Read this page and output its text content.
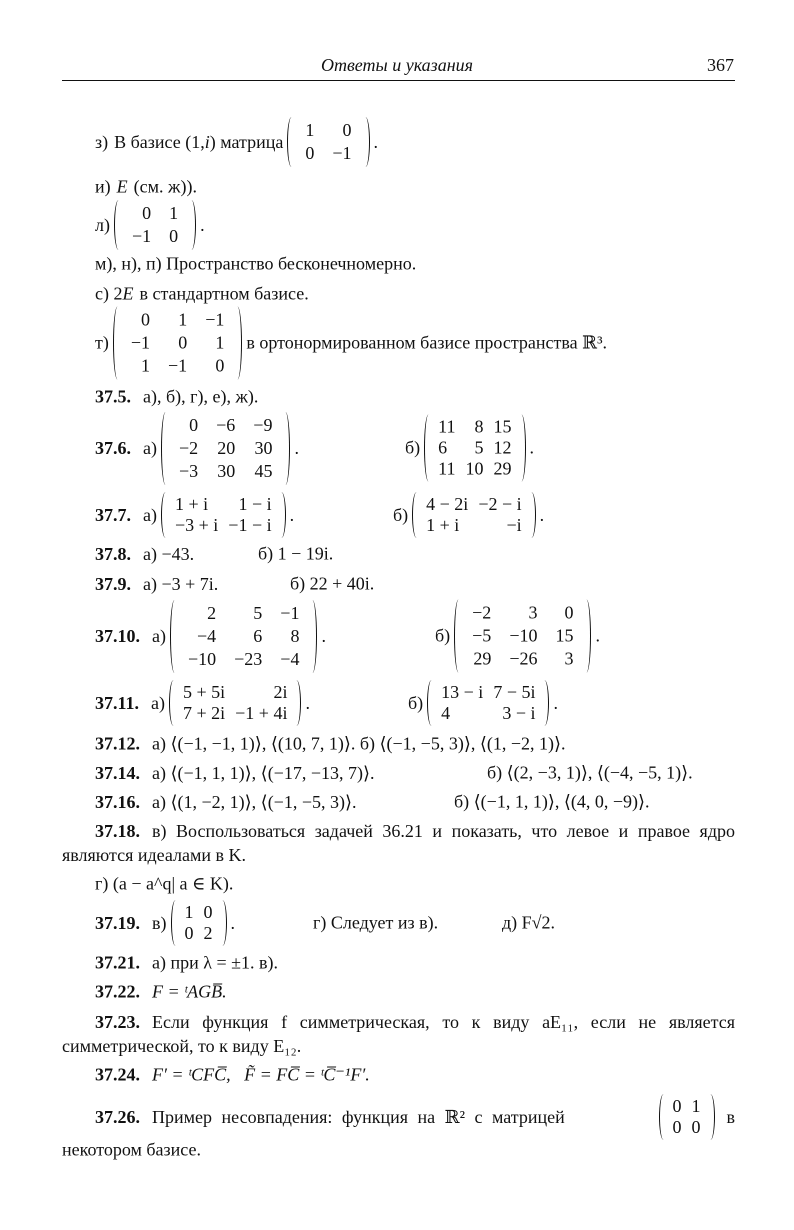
Ответы и указания	367
з) В базисе (1, i ) матрица
1	0
0	−1
.
и) E (см. ж)).
л)
0	1
−1	0
.
м), н), п) Пространство бесконечномерно.
с) 2 E в стандартном базисе.
т)
0	1	−1
−1	0	1
1	−1	0
в ортонормированном базисе пространства ℝ³.
37.5. а), б), г), е), ж).
37.6. а)
0	−6	−9
−2	20	30
−3	30	45
.	б)
11	8	15
6	5	12
11	10	29
.
37.7. а)
1 + i	1 − i
−3 + i	−1 − i
.	б)
4 − 2i	−2 − i
1 + i	−i
.
37.8. а) −43.	б) 1 − 19i.
37.9. а) −3 + 7i.	б) 22 + 40i.
37.10. а)
2	5	−1
−4	6	8
−10	−23	−4
.	б)
−2	3	0
−5	−10	15
29	−26	3
.
37.11. а)
5 + 5i	2i
7 + 2i	−1 + 4i
.	б)
13 − i	7 − 5i
4	3 − i
.
37.12. а) ⟨(−1, −1, 1)⟩, ⟨(10, 7, 1)⟩. б) ⟨(−1, −5, 3)⟩, ⟨(1, −2, 1)⟩.
37.14. а) ⟨(−1, 1, 1)⟩, ⟨(−17, −13, 7)⟩.	б) ⟨(2, −3, 1)⟩, ⟨(−4, −5, 1)⟩.
37.16. а) ⟨(1, −2, 1)⟩, ⟨(−1, −5, 3)⟩.	б) ⟨(−1, 1, 1)⟩, ⟨(4, 0, −9)⟩.

37.18. в) Воспользоваться задачей 36.21 и показать, что левое и правое ядро являются идеалами в K.

г) (a − a^q| a ∈ K).
37.19. в)
1	0
0	2
.	г) Следует из в).	д) F√2.
37.21. а) при λ = ±1. в).
37.22. F = ᵗAGB̅.

37.23. Если функция f симметрическая, то к виду aE₁₁, если не является симметрической, то к виду E₁₂.

37.24. F′ = ᵗCFC̅,   F̃ = FC̅ = ᵗC̅⁻¹F′.
37.26. Пример несовпадения: функция на ℝ² с матрицей
0	1
0	0
в
некотором базисе.
